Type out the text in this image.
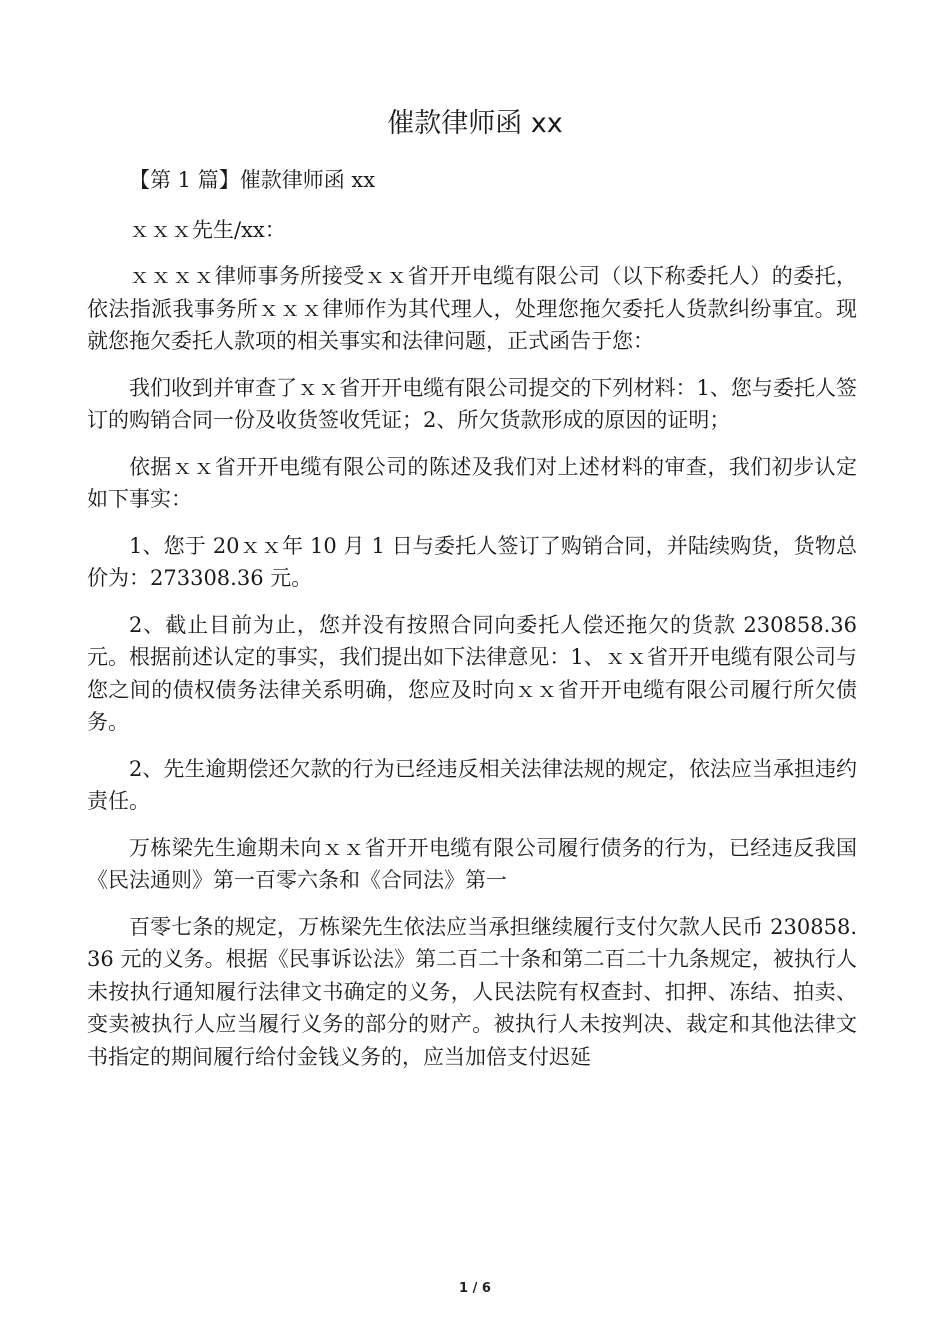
催款律师函 xx

【第 1 篇】催款律师函 xx

ｘｘｘ先生/xx：

ｘｘｘｘ律师事务所接受ｘｘ省开开电缆有限公司（以下称委托人）的委托，依法指派我事务所ｘｘｘ律师作为其代理人，处理您拖欠委托人货款纠纷事宜。现就您拖欠委托人款项的相关事实和法律问题，正式函告于您：

我们收到并审查了ｘｘ省开开电缆有限公司提交的下列材料：1、您与委托人签订的购销合同一份及收货签收凭证；2、所欠货款形成的原因的证明；

依据ｘｘ省开开电缆有限公司的陈述及我们对上述材料的审查，我们初步认定如下事实：

1、您于 20ｘｘ年 10 月 1 日与委托人签订了购销合同，并陆续购货，货物总价为：273308.36 元。

2、截止目前为止，您并没有按照合同向委托人偿还拖欠的货款 230858.36 元。根据前述认定的事实，我们提出如下法律意见：1、ｘｘ省开开电缆有限公司与您之间的债权债务法律关系明确，您应及时向ｘｘ省开开电缆有限公司履行所欠债务。

2、先生逾期偿还欠款的行为已经违反相关法律法规的规定，依法应当承担违约责任。

万栋梁先生逾期未向ｘｘ省开开电缆有限公司履行债务的行为，已经违反我国《民法通则》第一百零六条和《合同法》第一

百零七条的规定，万栋梁先生依法应当承担继续履行支付欠款人民币 230858.36 元的义务。根据《民事诉讼法》第二百二十条和第二百二十九条规定，被执行人未按执行通知履行法律文书确定的义务，人民法院有权查封、扣押、冻结、拍卖、变卖被执行人应当履行义务的部分的财产。被执行人未按判决、裁定和其他法律文书指定的期间履行给付金钱义务的，应当加倍支付迟延

1 / 6
